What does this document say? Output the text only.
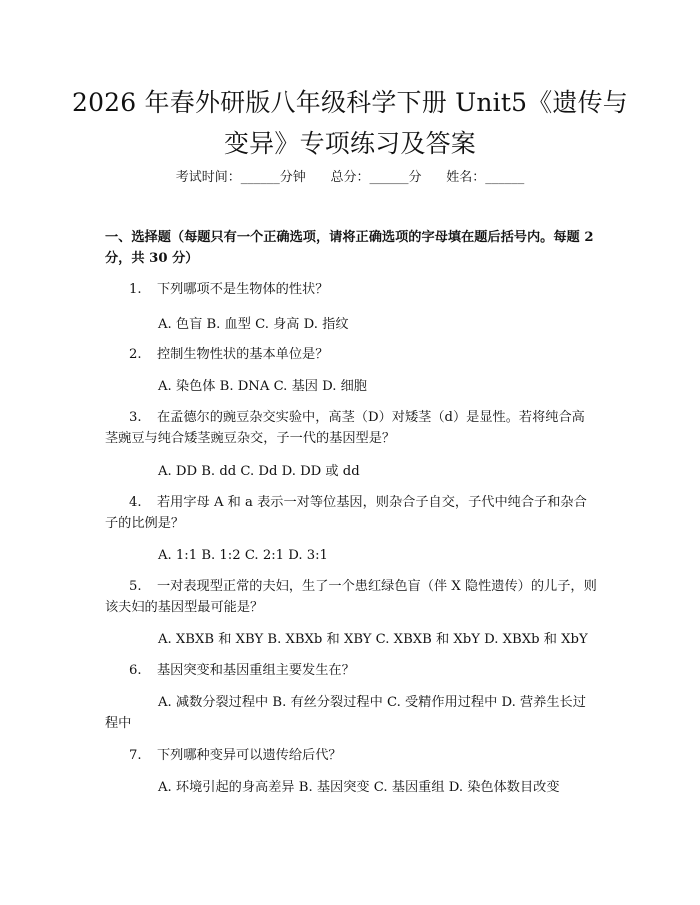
2026 年春外研版八年级科学下册 Unit5《遗传与变异》专项练习及答案
考试时间：______分钟      总分：______分      姓名：______
一、选择题（每题只有一个正确选项，请将正确选项的字母填在题后括号内。每题 2 分，共 30 分）
1. 下列哪项不是生物体的性状？
A. 色盲 B. 血型 C. 身高 D. 指纹
2. 控制生物性状的基本单位是？
A. 染色体 B. DNA C. 基因 D. 细胞
3. 在孟德尔的豌豆杂交实验中，高茎（D）对矮茎（d）是显性。若将纯合高茎豌豆与纯合矮茎豌豆杂交，子一代的基因型是？
A. DD B. dd C. Dd D. DD 或 dd
4. 若用字母 A 和 a 表示一对等位基因，则杂合子自交，子代中纯合子和杂合子的比例是？
A. 1:1 B. 1:2 C. 2:1 D. 3:1
5. 一对表现型正常的夫妇，生了一个患红绿色盲（伴 X 隐性遗传）的儿子，则该夫妇的基因型最可能是？
A. XBXB 和 XBY B. XBXb 和 XBY C. XBXB 和 XbY D. XBXb 和 XbY
6. 基因突变和基因重组主要发生在？
A. 减数分裂过程中 B. 有丝分裂过程中 C. 受精作用过程中 D. 营养生长过程中
7. 下列哪种变异可以遗传给后代？
A. 环境引起的身高差异 B. 基因突变 C. 基因重组 D. 染色体数目改变
